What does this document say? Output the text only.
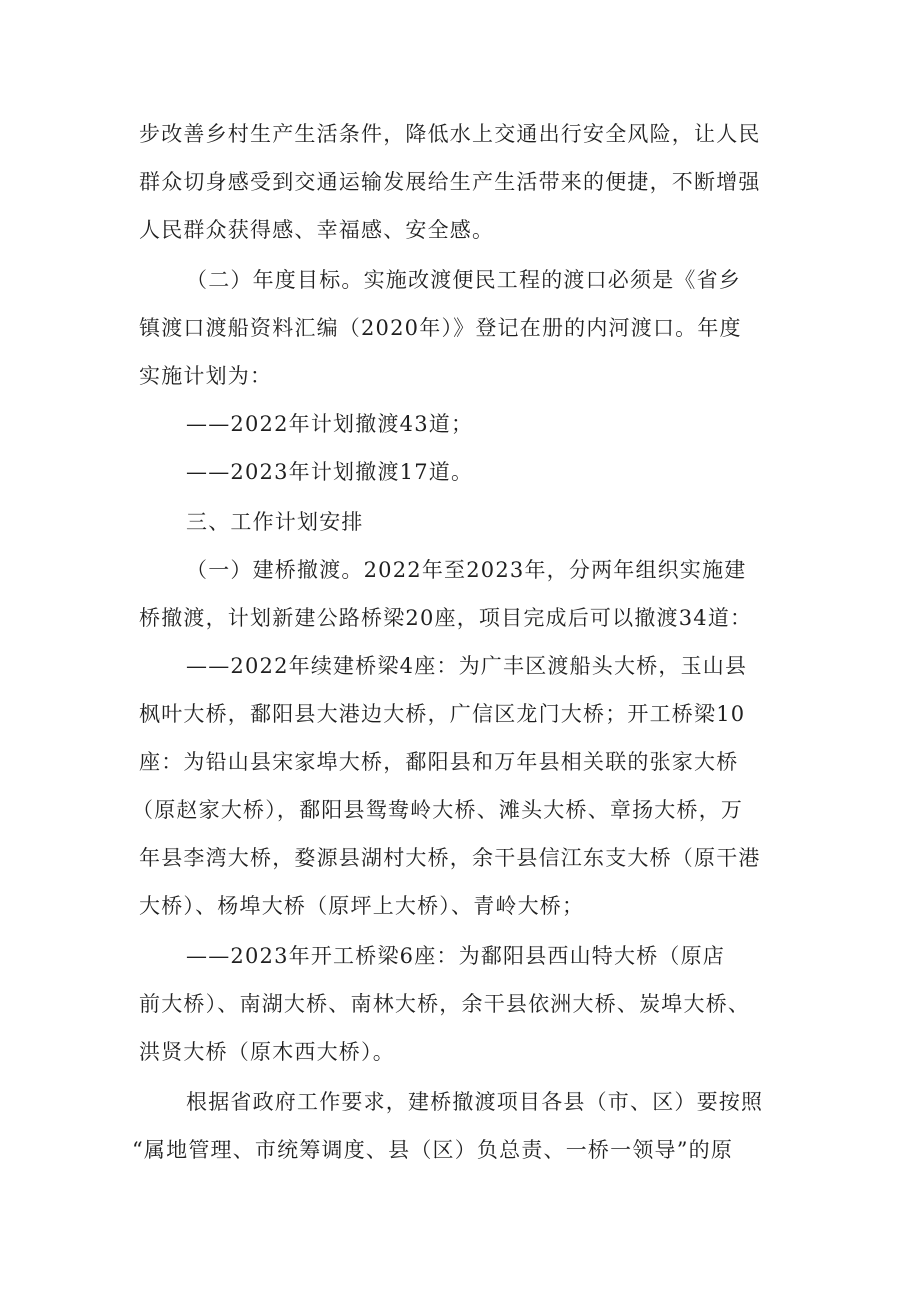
步改善乡村生产生活条件，降低水上交通出行安全风险，让人民
群众切身感受到交通运输发展给生产生活带来的便捷，不断增强
人民群众获得感、幸福感、安全感。
（二）年度目标。实施改渡便民工程的渡口必须是《省乡
镇渡口渡船资料汇编（2020年）》登记在册的内河渡口。年度
实施计划为：
——2022年计划撤渡43道；
——2023年计划撤渡17道。
三、工作计划安排
（一）建桥撤渡。2022年至2023年，分两年组织实施建
桥撤渡，计划新建公路桥梁20座，项目完成后可以撤渡34道：
——2022年续建桥梁4座：为广丰区渡船头大桥，玉山县
枫叶大桥，鄱阳县大港边大桥，广信区龙门大桥；开工桥梁10
座：为铅山县宋家埠大桥，鄱阳县和万年县相关联的张家大桥
（原赵家大桥），鄱阳县鸳鸯岭大桥、滩头大桥、章扬大桥，万
年县李湾大桥，婺源县湖村大桥，余干县信江东支大桥（原干港
大桥）、杨埠大桥（原坪上大桥）、青岭大桥；
——2023年开工桥梁6座：为鄱阳县西山特大桥（原店
前大桥）、南湖大桥、南林大桥，余干县依洲大桥、炭埠大桥、
洪贤大桥（原木西大桥）。
根据省政府工作要求，建桥撤渡项目各县（市、区）要按照
“属地管理、市统筹调度、县（区）负总责、一桥一领导”的原
